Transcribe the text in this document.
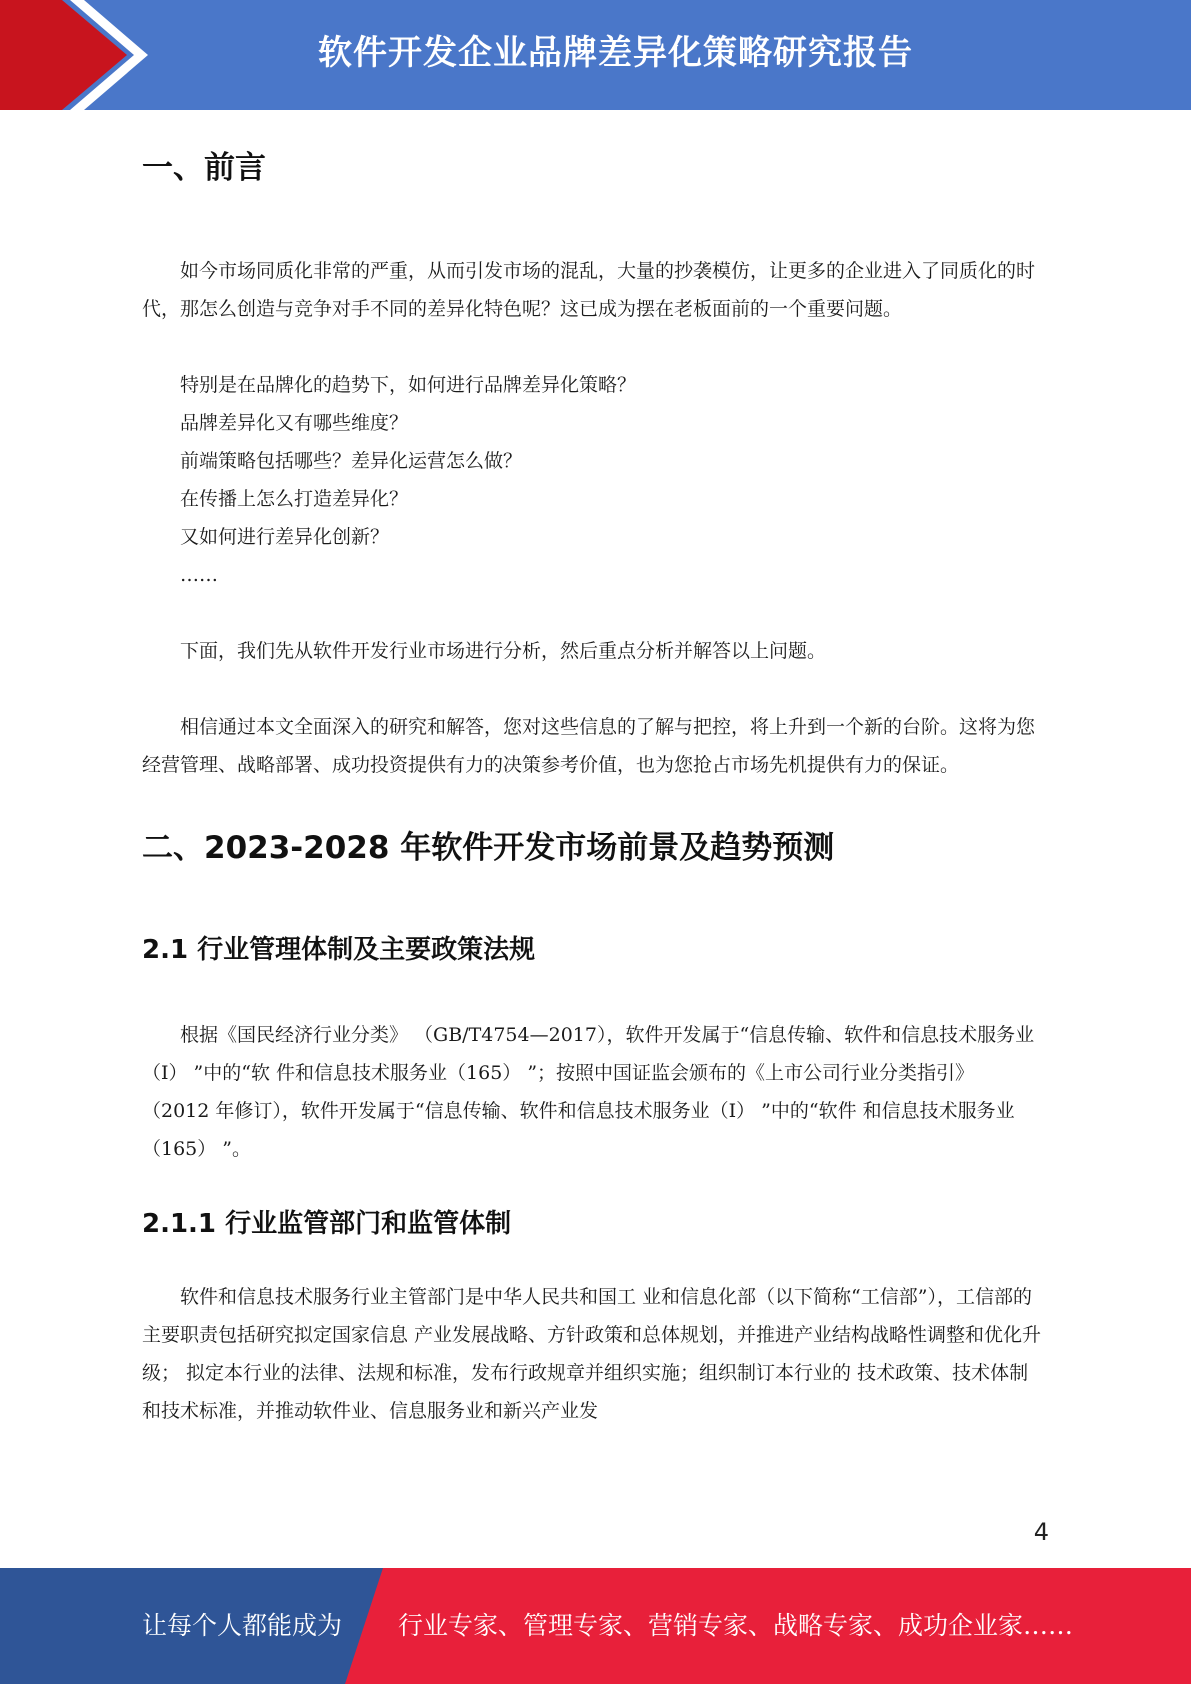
软件开发企业品牌差异化策略研究报告
一、前言

如今市场同质化非常的严重，从而引发市场的混乱，大量的抄袭模仿，让更多的企业进入了同质化的时代，那怎么创造与竞争对手不同的差异化特色呢？这已成为摆在老板面前的一个重要问题。

特别是在品牌化的趋势下，如何进行品牌差异化策略？

品牌差异化又有哪些维度？

前端策略包括哪些？差异化运营怎么做？

在传播上怎么打造差异化？

又如何进行差异化创新？

……

下面，我们先从软件开发行业市场进行分析，然后重点分析并解答以上问题。

相信通过本文全面深入的研究和解答，您对这些信息的了解与把控，将上升到一个新的台阶。这将为您经营管理、战略部署、成功投资提供有力的决策参考价值，也为您抢占市场先机提供有力的保证。

二、2023-2028 年软件开发市场前景及趋势预测
2.1 行业管理体制及主要政策法规

根据《国民经济行业分类》 （GB/T4754—2017），软件开发属于“信息传输、软件和信息技术服务业（I） ”中的“软 件和信息技术服务业（165） ”；按照中国证监会颁布的《上市公司行业分类指引》 （2012 年修订），软件开发属于“信息传输、软件和信息技术服务业（I） ”中的“软件 和信息技术服务业（165） ”。

2.1.1 行业监管部门和监管体制

软件和信息技术服务行业主管部门是中华人民共和国工 业和信息化部（以下简称“工信部”），工信部的主要职责包括研究拟定国家信息 产业发展战略、方针政策和总体规划，并推进产业结构战略性调整和优化升级； 拟定本行业的法律、法规和标准，发布行政规章并组织实施；组织制订本行业的 技术政策、技术体制和技术标准，并推动软件业、信息服务业和新兴产业发

4
让每个人都能成为 行业专家、管理专家、营销专家、战略专家、成功企业家……
